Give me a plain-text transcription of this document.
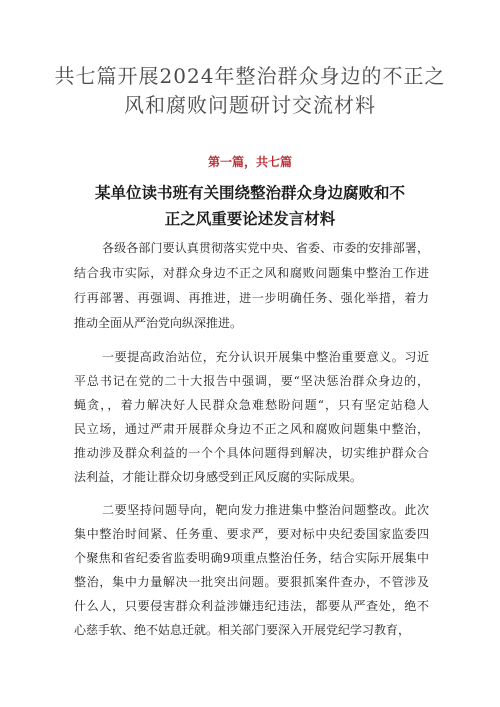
共七篇开展2024年整治群众身边的不正之
风和腐败问题研讨交流材料
第一篇，共七篇
某单位读书班有关围绕整治群众身边腐败和不
正之风重要论述发言材料
各级各部门要认真贯彻落实党中央、省委、市委的安排部署，
结合我市实际，对群众身边不正之风和腐败问题集中整治工作进
行再部署、再强调、再推进，进一步明确任务、强化举措，着力
推动全面从严治党向纵深推进。
一要提高政治站位，充分认识开展集中整治重要意义。习近
平总书记在党的二十大报告中强调，要“坚决惩治群众身边的，
蝇贪，，着力解决好人民群众急难愁盼问题“，只有坚定站稳人
民立场，通过严肃开展群众身边不正之风和腐败问题集中整治，
推动涉及群众利益的一个个具体问题得到解决，切实维护群众合
法利益，才能让群众切身感受到正风反腐的实际成果。
二要坚持问题导向，靶向发力推进集中整治问题整改。此次
集中整治时间紧、任务重、要求严，要对标中央纪委国家监委四
个聚焦和省纪委省监委明确9项重点整治任务，结合实际开展集中
整治，集中力量解决一批突出问题。要狠抓案件查办，不管涉及
什么人，只要侵害群众利益涉嫌违纪违法，都要从严查处，绝不
心慈手软、绝不姑息迁就。相关部门要深入开展党纪学习教育，
